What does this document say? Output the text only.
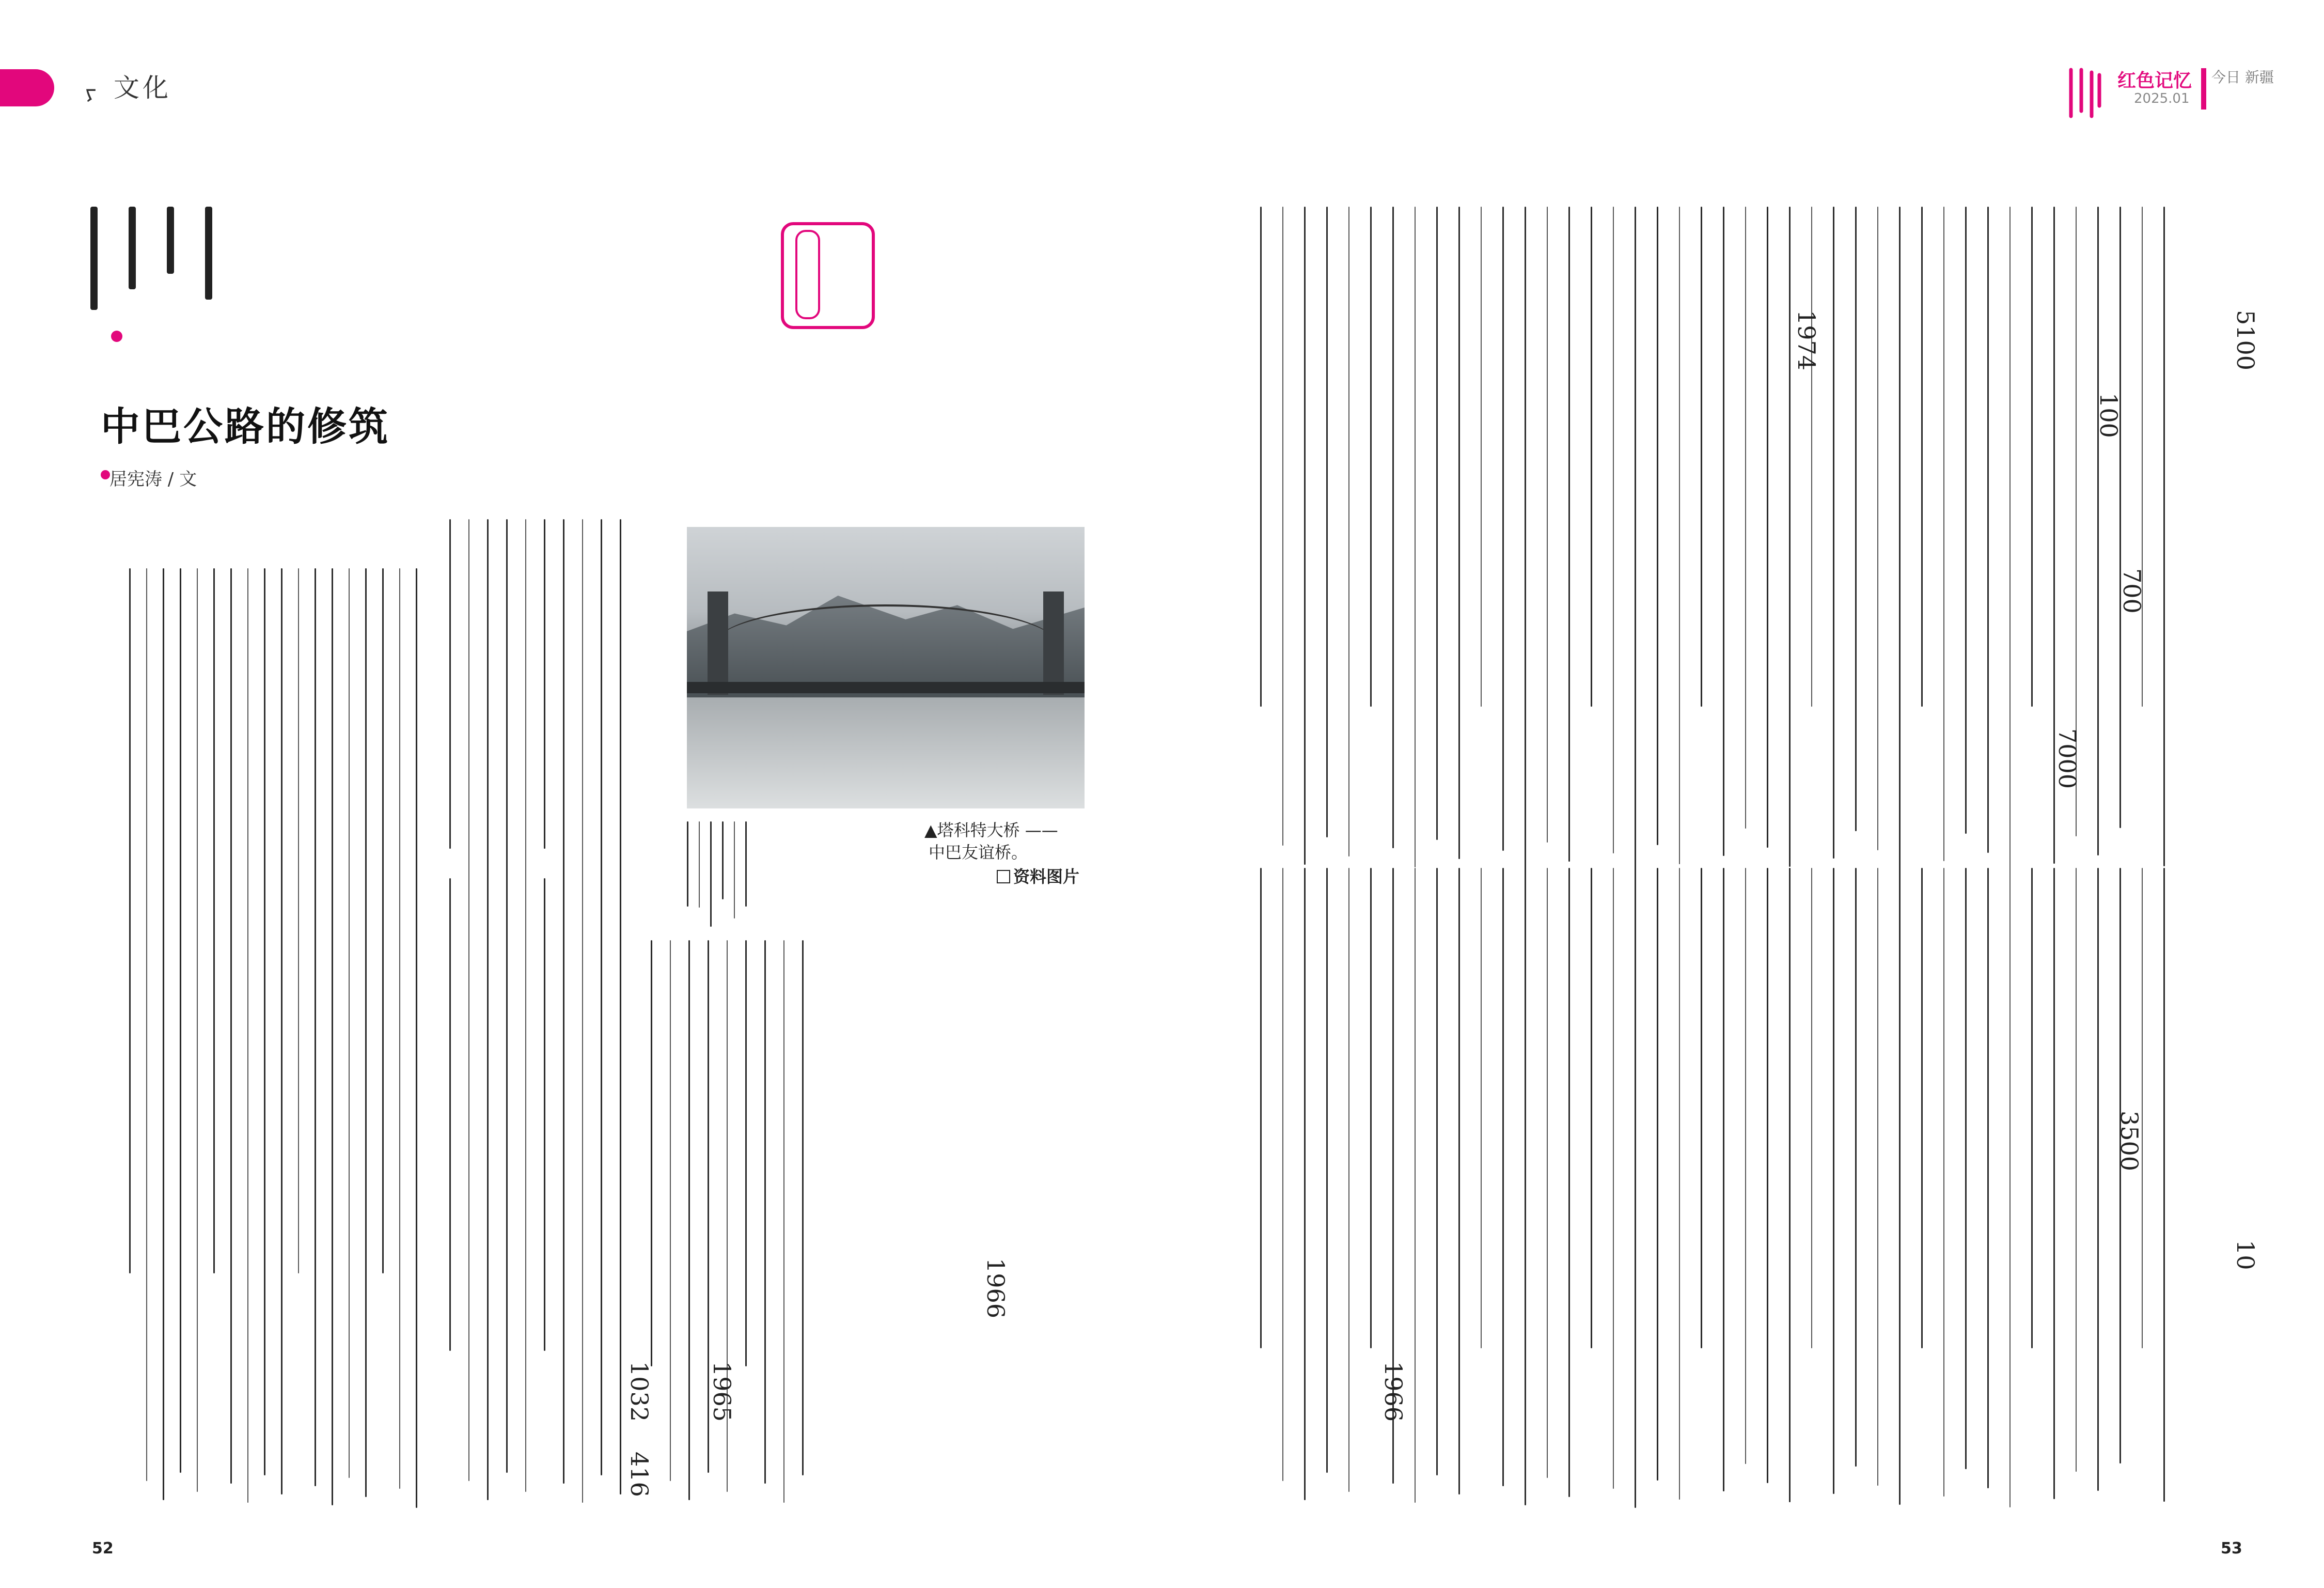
ᠶ 文化	红色记忆
2025.01
今日 新疆
中巴公路的修筑
居宪涛 / 文
▲塔科特大桥 ——
中巴友谊桥。
资料图片
1974	5100
700
100
7000
3500
10
1966
1966
1965
1032
416
52	53
